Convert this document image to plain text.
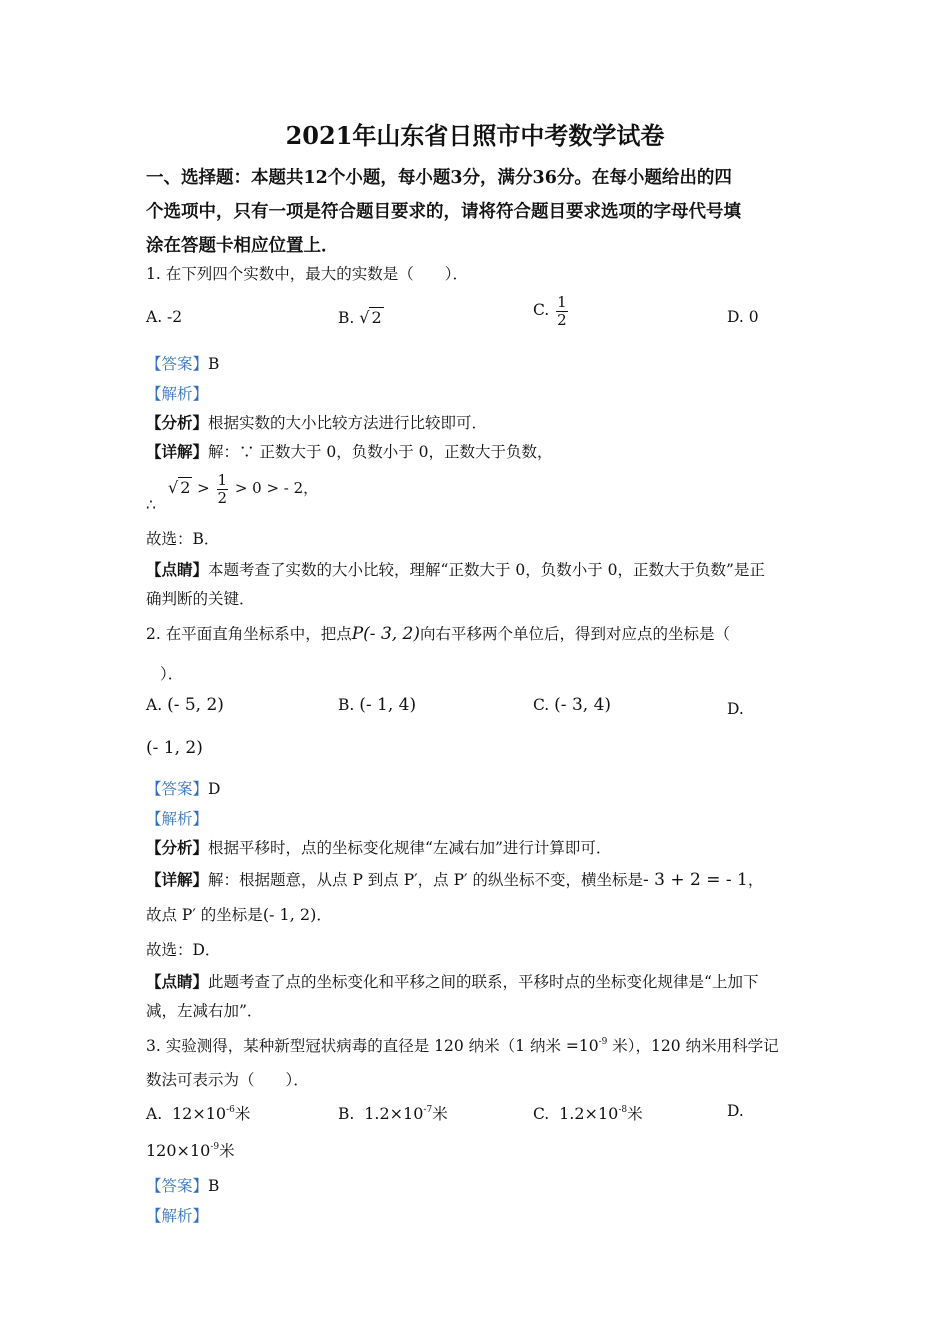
2021年山东省日照市中考数学试卷
一、选择题：本题共12个小题，每小题3分，满分36分。在每小题给出的四
个选项中，只有一项是符合题目要求的，请将符合题目要求选项的字母代号填
涂在答题卡相应位置上．
1. 在下列四个实数中，最大的实数是（　　）．
A. -2	B. √ 2	C. $\frac{1}{2}$	D. 0
【答案】B
【解析】
【分析】根据实数的大小比较方法进行比较即可．
【详解】解：∵ 正数大于 0，负数小于 0，正数大于负数，
∴
√ $2 > \frac{1}{2} > 0$ > - 2，
故选：B．
【点睛】本题考查了实数的大小比较，理解“正数大于 0，负数小于 0，正数大于负数”是正
确判断的关键．
2. 在平面直角坐标系中，把点P(- 3, 2)向右平移两个单位后，得到对应点的坐标是（
）．
A. (- 5, 2)	B. (- 1, 4)	C. (- 3, 4)	D.
(- 1, 2)
【答案】D
【解析】
【分析】根据平移时，点的坐标变化规律“左减右加”进行计算即可．
【详解】解：根据题意，从点 P 到点 P′，点 P′ 的纵坐标不变，横坐标是- 3 + 2 = - 1，
故点 P′ 的坐标是(- 1, 2)．
故选：D．
【点睛】此题考查了点的坐标变化和平移之间的联系，平移时点的坐标变化规律是“上加下
减，左减右加”．
3. 实验测得，某种新型冠状病毒的直径是 120 纳米（1 纳米 $=10^{-9}$ 米），120 纳米用科学记
数法可表示为（　　）．
A. $12\times 10^{-6}$米	B. $1.2\times 10^{-7}$米	C. $1.2\times 10^{-8}$米	D.
$120\times 10^{-9}$米
【答案】B
【解析】
